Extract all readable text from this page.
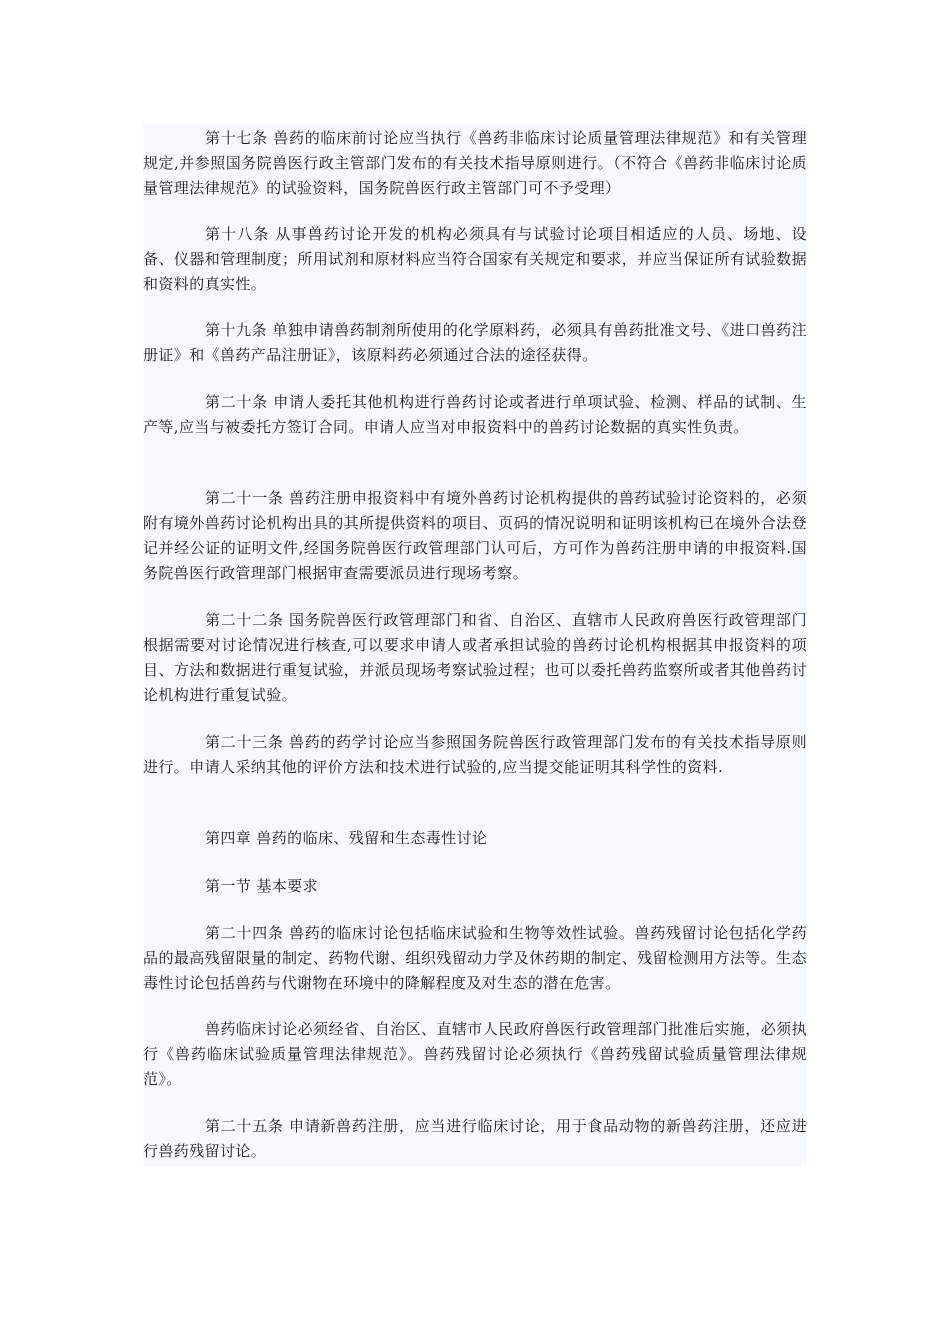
第十七条 兽药的临床前讨论应当执行《兽药非临床讨论质量管理法律规范》和有关管理规定,并参照国务院兽医行政主管部门发布的有关技术指导原则进行。（不符合《兽药非临床讨论质量管理法律规范》的试验资料，国务院兽医行政主管部门可不予受理）

第十八条 从事兽药讨论开发的机构必须具有与试验讨论项目相适应的人员、场地、设备、仪器和管理制度；所用试剂和原材料应当符合国家有关规定和要求，并应当保证所有试验数据和资料的真实性。

第十九条 单独申请兽药制剂所使用的化学原料药，必须具有兽药批准文号、《进口兽药注册证》和《兽药产品注册证》，该原料药必须通过合法的途径获得。

第二十条 申请人委托其他机构进行兽药讨论或者进行单项试验、检测、样品的试制、生产等,应当与被委托方签订合同。申请人应当对申报资料中的兽药讨论数据的真实性负责。

第二十一条 兽药注册申报资料中有境外兽药讨论机构提供的兽药试验讨论资料的，必须附有境外兽药讨论机构出具的其所提供资料的项目、页码的情况说明和证明该机构已在境外合法登记并经公证的证明文件,经国务院兽医行政管理部门认可后，方可作为兽药注册申请的申报资料.国务院兽医行政管理部门根据审查需要派员进行现场考察。

第二十二条 国务院兽医行政管理部门和省、自治区、直辖市人民政府兽医行政管理部门根据需要对讨论情况进行核查,可以要求申请人或者承担试验的兽药讨论机构根据其申报资料的项目、方法和数据进行重复试验，并派员现场考察试验过程；也可以委托兽药监察所或者其他兽药讨论机构进行重复试验。

第二十三条 兽药的药学讨论应当参照国务院兽医行政管理部门发布的有关技术指导原则进行。申请人采纳其他的评价方法和技术进行试验的,应当提交能证明其科学性的资料.

第四章 兽药的临床、残留和生态毒性讨论

第一节 基本要求

第二十四条 兽药的临床讨论包括临床试验和生物等效性试验。兽药残留讨论包括化学药品的最高残留限量的制定、药物代谢、组织残留动力学及休药期的制定、残留检测用方法等。生态毒性讨论包括兽药与代谢物在环境中的降解程度及对生态的潜在危害。

兽药临床讨论必须经省、自治区、直辖市人民政府兽医行政管理部门批准后实施，必须执行《兽药临床试验质量管理法律规范》。兽药残留讨论必须执行《兽药残留试验质量管理法律规范》。

第二十五条 申请新兽药注册，应当进行临床讨论，用于食品动物的新兽药注册，还应进行兽药残留讨论。
